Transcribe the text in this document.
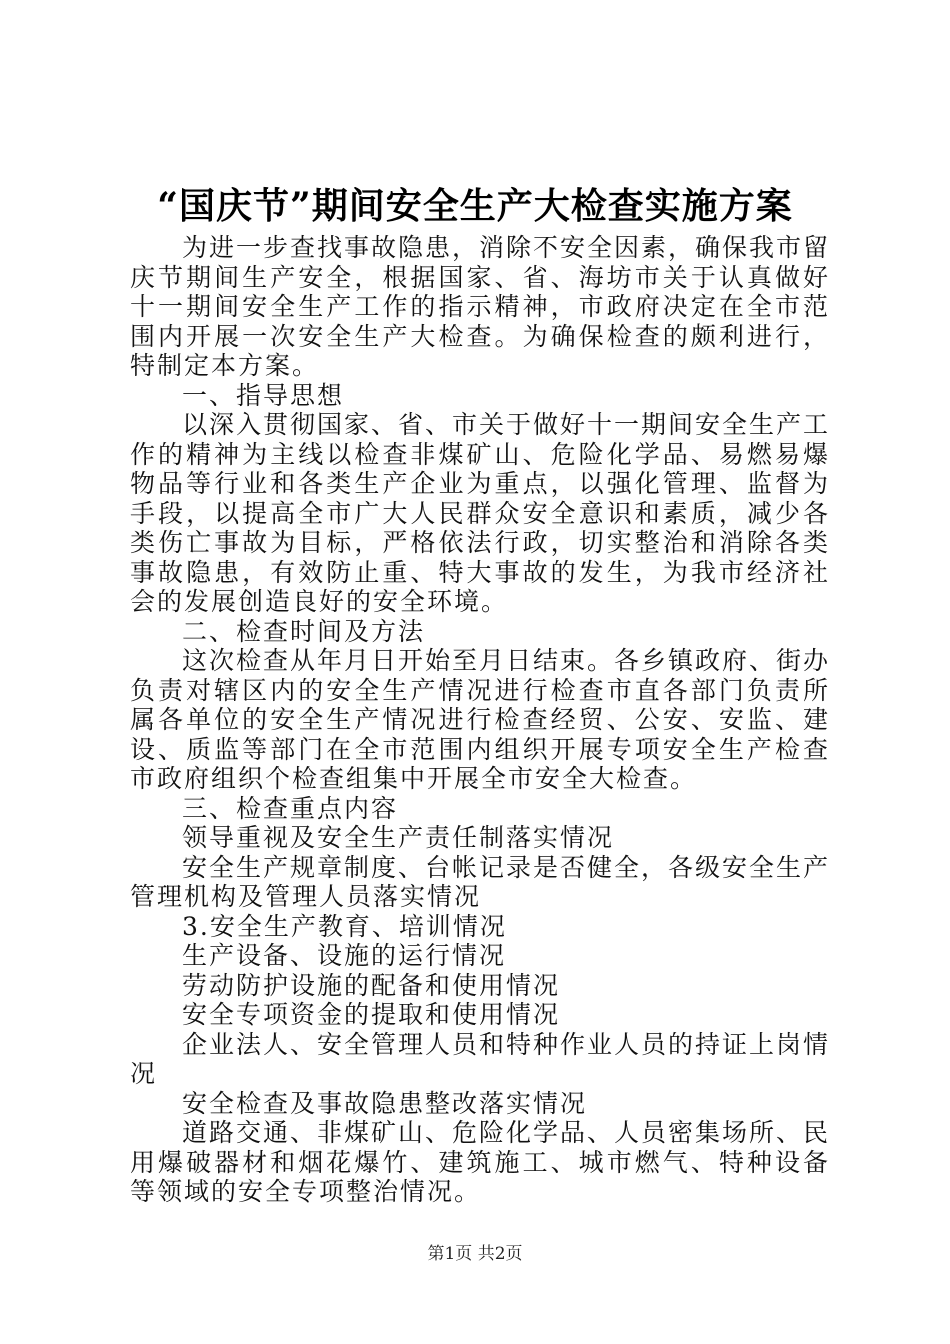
“国庆节”期间安全生产大检查实施方案

为进一步查找事故隐患，消除不安全因素，确保我市留庆节期间生产安全，根据国家、省、海坊市关于认真做好十一期间安全生产工作的指示精神，市政府决定在全市范围内开展一次安全生产大检查。为确保检查的颇利进行，特制定本方案。

一、指导思想

以深入贯彻国家、省、市关于做好十一期间安全生产工作的精神为主线以检查非煤矿山、危险化学品、易燃易爆物品等行业和各类生产企业为重点，以强化管理、监督为手段，以提高全市广大人民群众安全意识和素质，减少各类伤亡事故为目标，严格依法行政，切实整治和消除各类事故隐患，有效防止重、特大事故的发生，为我市经济社会的发展创造良好的安全环境。

二、检查时间及方法

这次检查从年月日开始至月日结束。各乡镇政府、街办负责对辖区内的安全生产情况进行检查市直各部门负责所属各单位的安全生产情况进行检查经贸、公安、安监、建设、质监等部门在全市范围内组织开展专项安全生产检查市政府组织个检查组集中开展全市安全大检查。

三、检查重点内容

领导重视及安全生产责任制落实情况

安全生产规章制度、台帐记录是否健全，各级安全生产管理机构及管理人员落实情况

3.安全生产教育、培训情况

生产设备、设施的运行情况

劳动防护设施的配备和使用情况

安全专项资金的提取和使用情况

企业法人、安全管理人员和特种作业人员的持证上岗情况

安全检查及事故隐患整改落实情况

道路交通、非煤矿山、危险化学品、人员密集场所、民用爆破器材和烟花爆竹、建筑施工、城市燃气、特种设备等领域的安全专项整治情况。

第1页 共2页
